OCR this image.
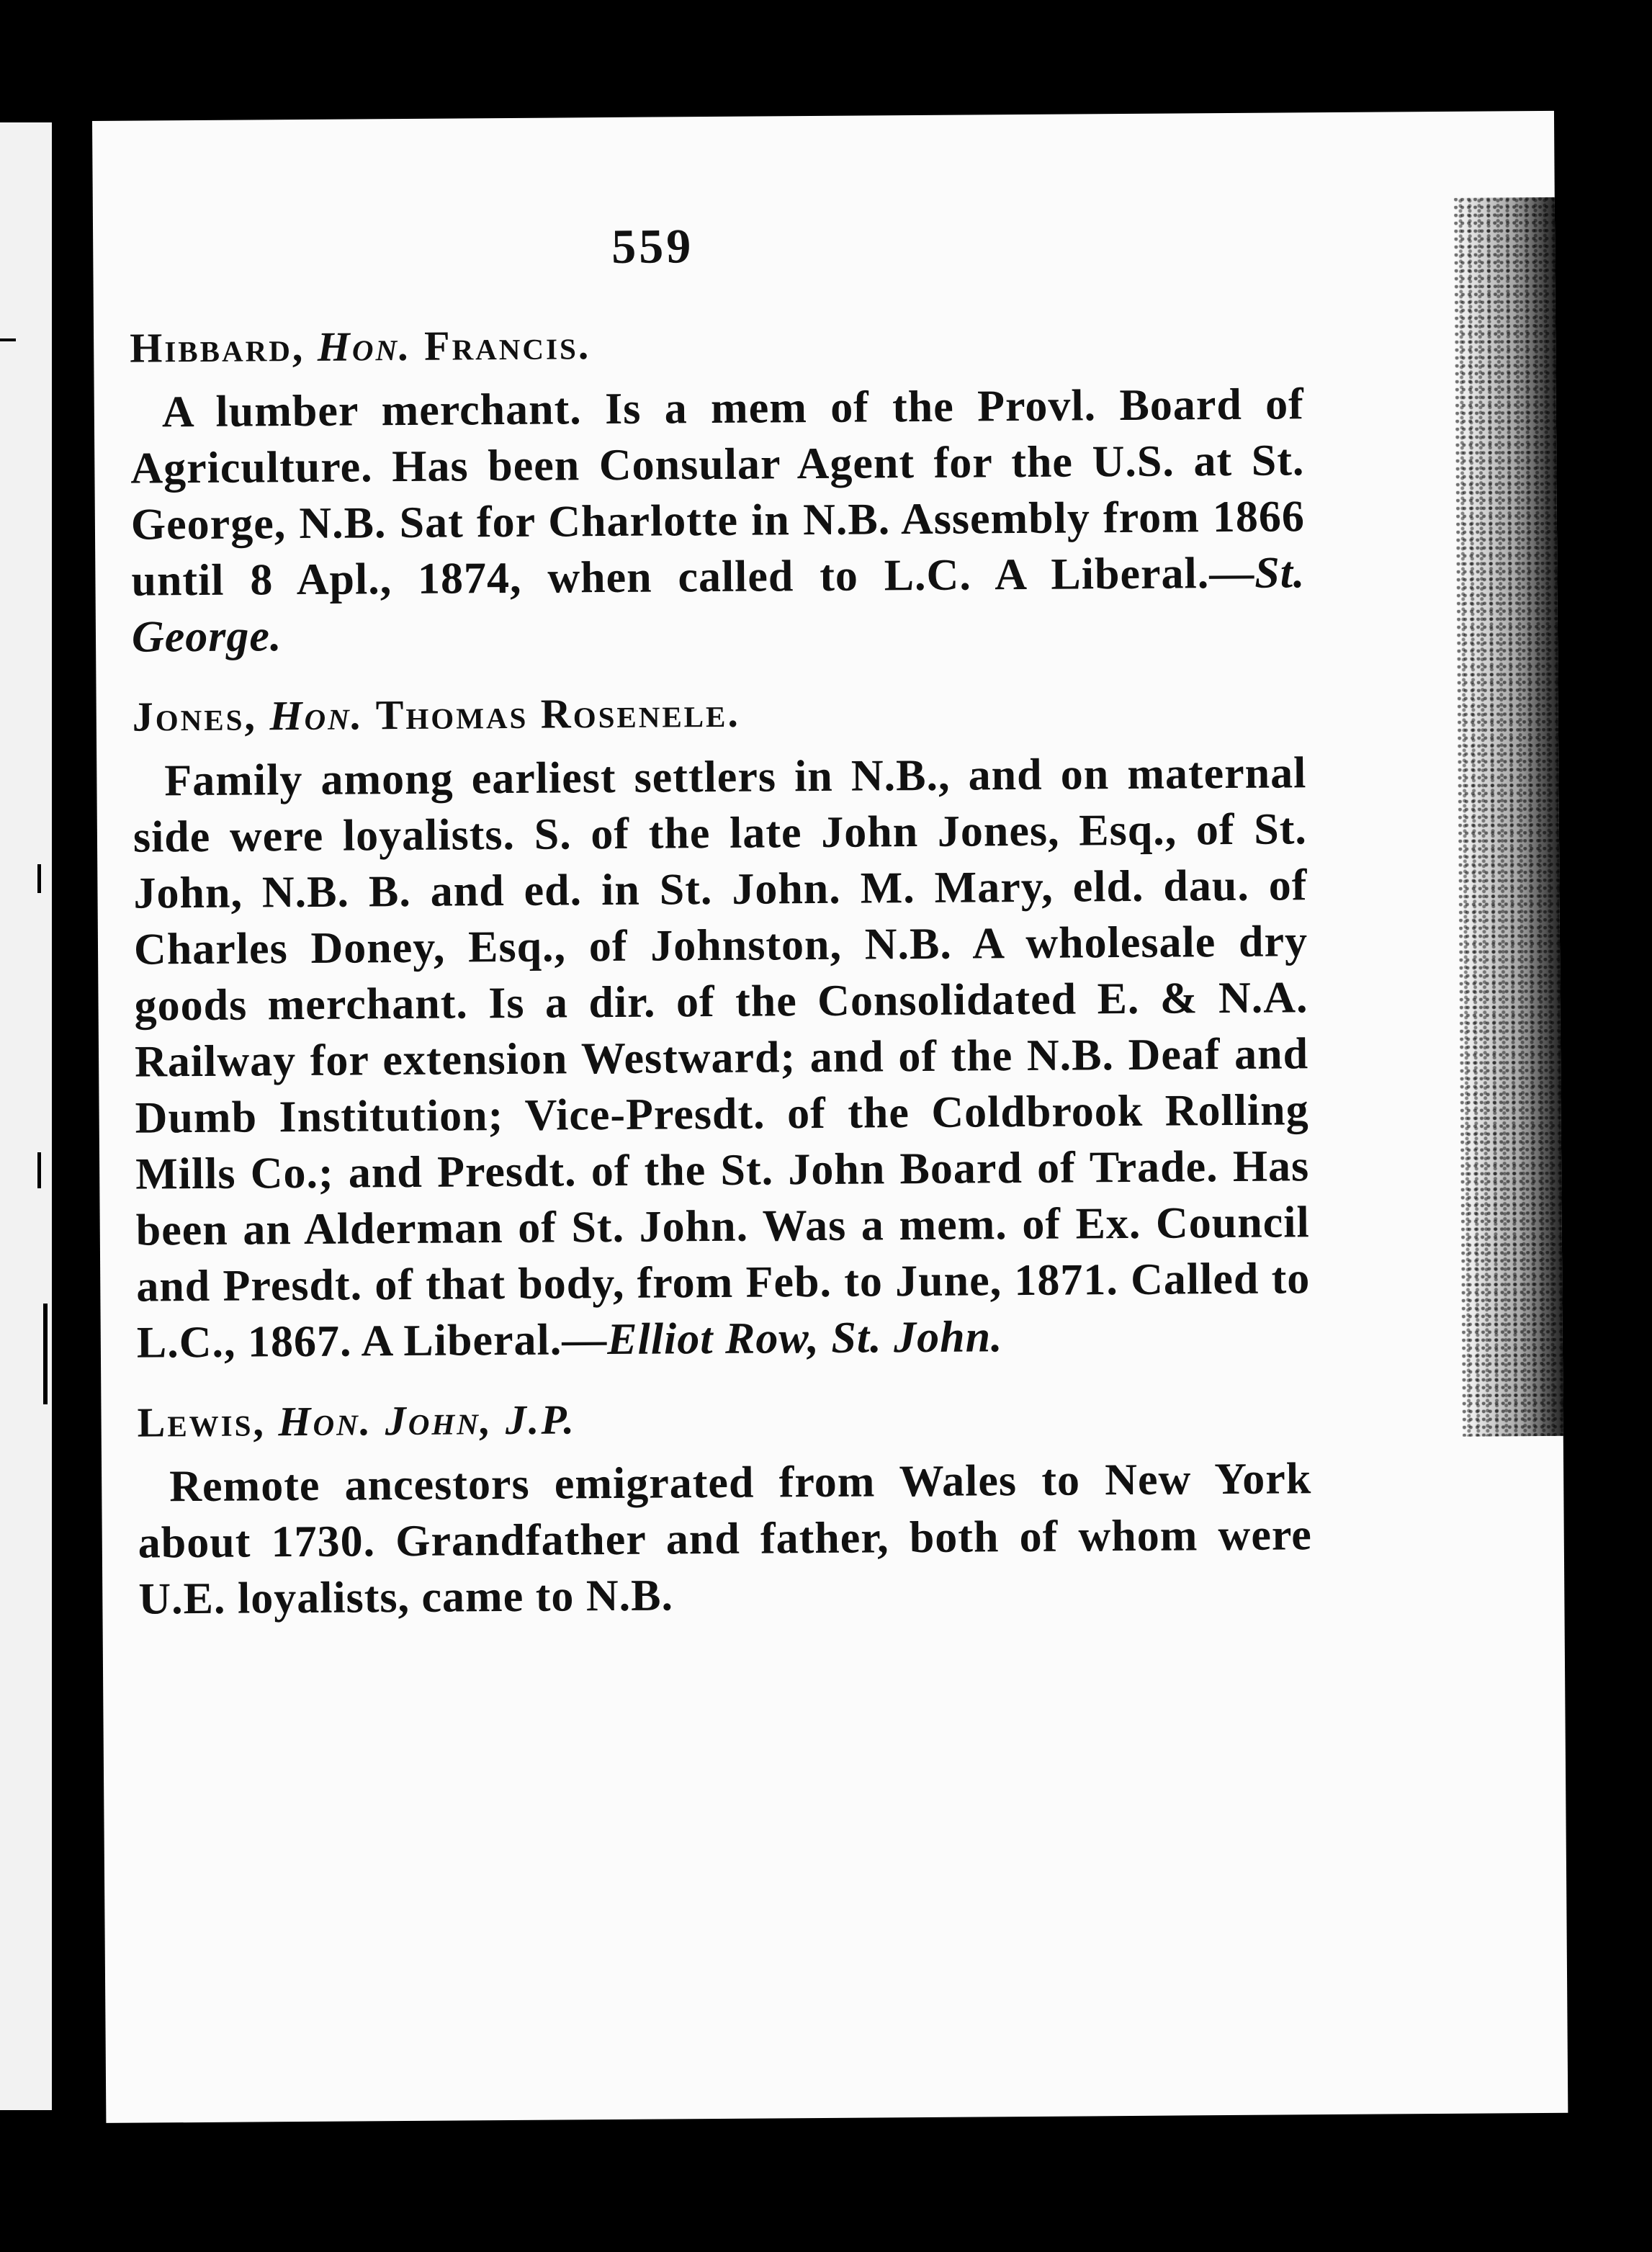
559

Hibbard, Hon. Francis.

A lumber merchant. Is a mem of the Provl. Board of Agriculture. Has been Consular Agent for the U.S. at St. George, N.B. Sat for Charlotte in N.B. Assembly from 1866 until 8 Apl., 1874, when called to L.C. A Liberal.—St. George.

Jones, Hon. Thomas Rosenele.

Family among earliest settlers in N.B., and on maternal side were loyalists. S. of the late John Jones, Esq., of St. John, N.B. B. and ed. in St. John. M. Mary, eld. dau. of Charles Doney, Esq., of Johnston, N.B. A wholesale dry goods merchant. Is a dir. of the Consolidated E. & N.A. Railway for extension Westward; and of the N.B. Deaf and Dumb Institution; Vice-Presdt. of the Coldbrook Rolling Mills Co.; and Presdt. of the St. John Board of Trade. Has been an Alderman of St. John. Was a mem. of Ex. Council and Presdt. of that body, from Feb. to June, 1871. Called to L.C., 1867. A Liberal.—Elliot Row, St. John.

Lewis, Hon. John, J.P.

Remote ancestors emigrated from Wales to New York about 1730. Grandfather and father, both of whom were U.E. loyalists, came to N.B.
